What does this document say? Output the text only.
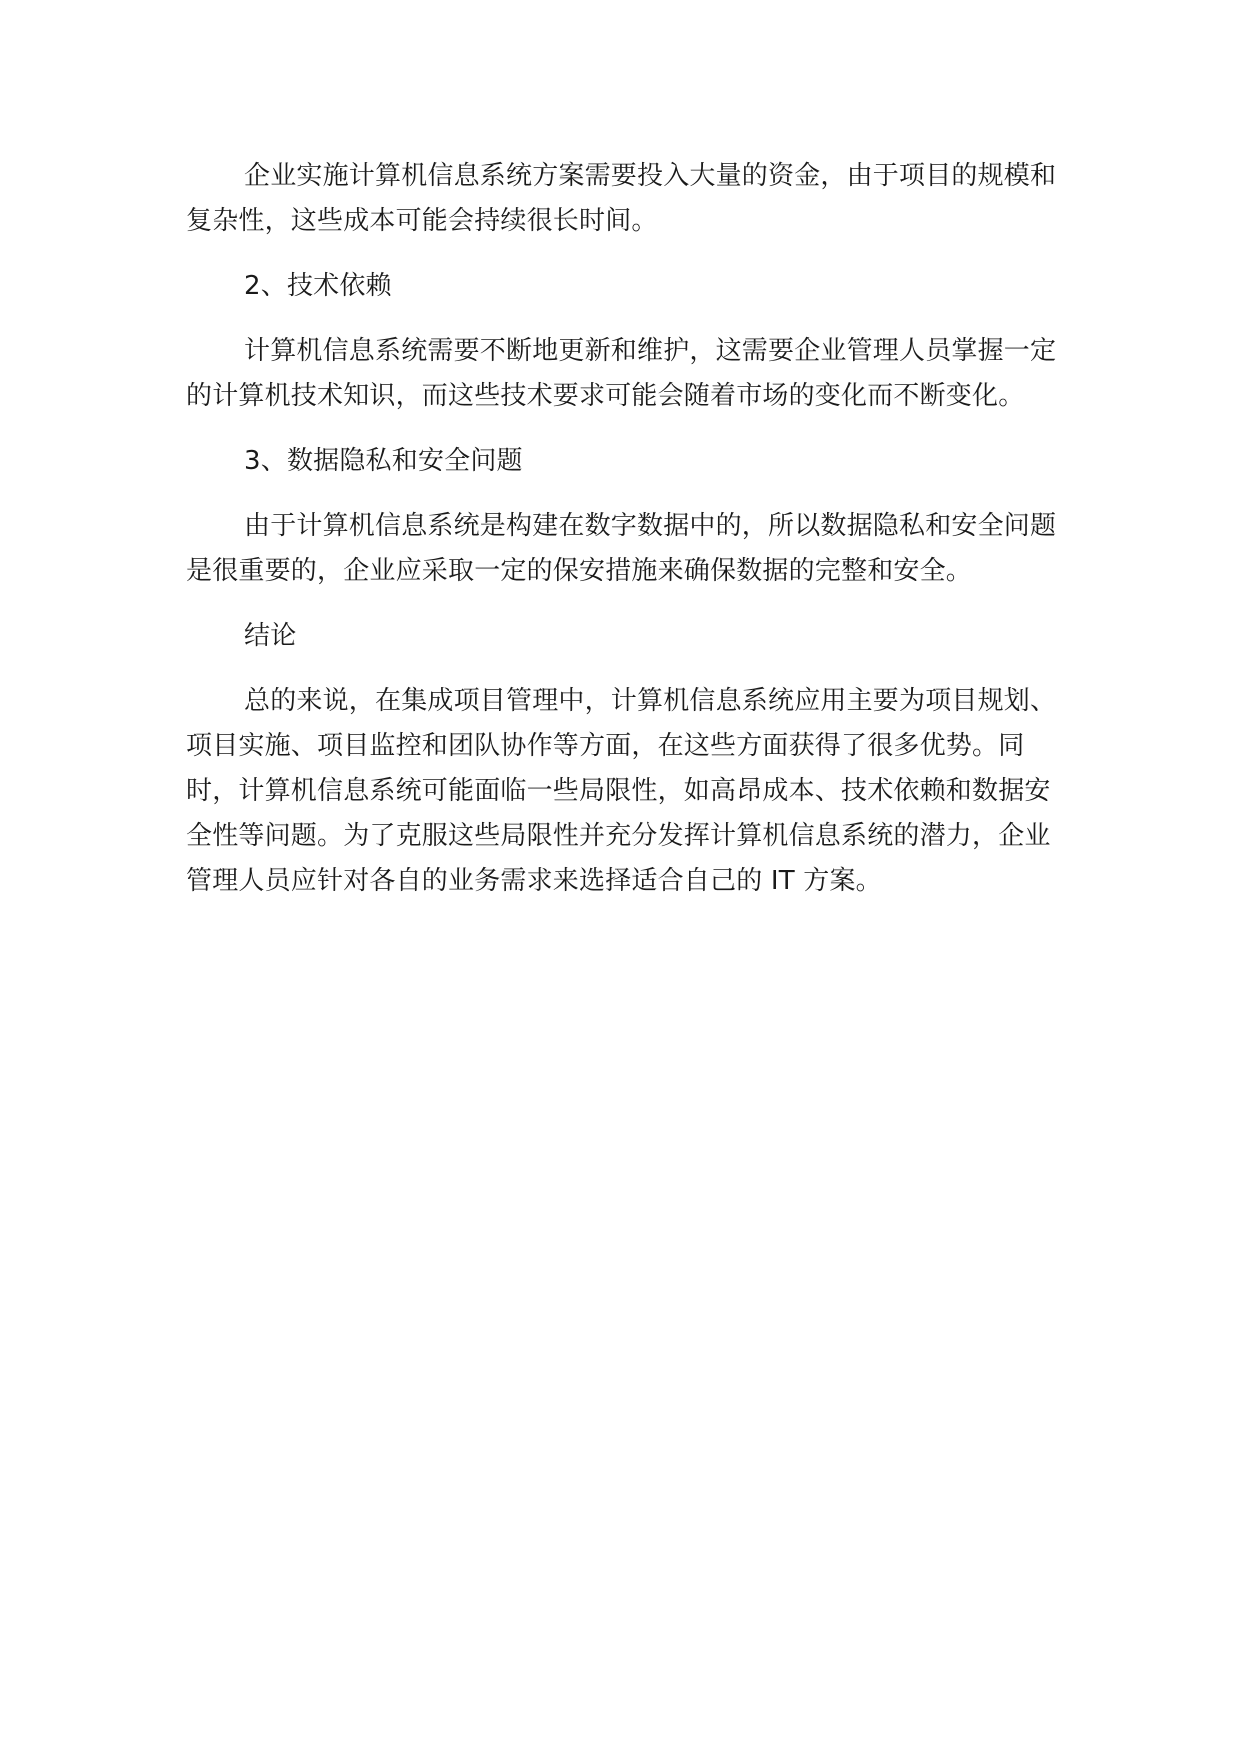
企业实施计算机信息系统方案需要投入大量的资金，由于项目的规模和复杂性，这些成本可能会持续很长时间。

2、技术依赖

计算机信息系统需要不断地更新和维护，这需要企业管理人员掌握一定的计算机技术知识，而这些技术要求可能会随着市场的变化而不断变化。

3、数据隐私和安全问题

由于计算机信息系统是构建在数字数据中的，所以数据隐私和安全问题是很重要的，企业应采取一定的保安措施来确保数据的完整和安全。

结论

总的来说，在集成项目管理中，计算机信息系统应用主要为项目规划、项目实施、项目监控和团队协作等方面，在这些方面获得了很多优势。同时，计算机信息系统可能面临一些局限性，如高昂成本、技术依赖和数据安全性等问题。为了克服这些局限性并充分发挥计算机信息系统的潜力，企业管理人员应针对各自的业务需求来选择适合自己的 IT 方案。
